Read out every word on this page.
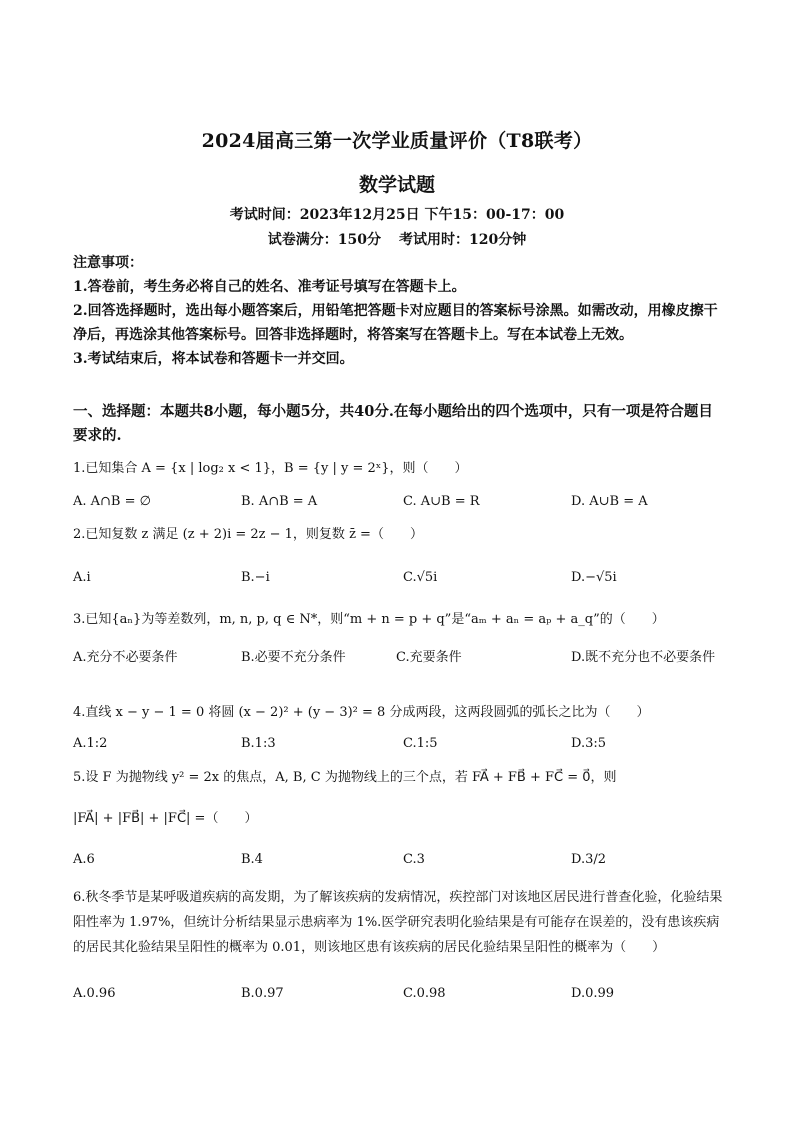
2024届高三第一次学业质量评价（T8联考）
数学试题
考试时间：2023年12月25日 下午15：00-17：00
试卷满分：150分 考试用时：120分钟

注意事项：

1.答卷前，考生务必将自己的姓名、准考证号填写在答题卡上。

2.回答选择题时，选出每小题答案后，用铅笔把答题卡对应题目的答案标号涂黑。如需改动，用橡皮擦干净后，再选涂其他答案标号。回答非选择题时，将答案写在答题卡上。写在本试卷上无效。

3.考试结束后，将本试卷和答题卡一并交回。

一、选择题：本题共8小题，每小题5分，共40分.在每小题给出的四个选项中，只有一项是符合题目要求的.
1.已知集合 A = {x | log₂ x < 1}，B = {y | y = 2ˣ}，则（　　）
A. A∩B = ∅	B. A∩B = A	C. A∪B = R	D. A∪B = A
2.已知复数 z 满足 (z + 2)i = 2z − 1，则复数 z̄ =（　　）
A.i	B.−i	C.√5i	D.−√5i
3.已知{aₙ}为等差数列，m, n, p, q ∈ N*，则“m + n = p + q”是“aₘ + aₙ = aₚ + a_q”的（　　）
A.充分不必要条件	B.必要不充分条件	C.充要条件	D.既不充分也不必要条件
4.直线 x − y − 1 = 0 将圆 (x − 2)² + (y − 3)² = 8 分成两段，这两段圆弧的弧长之比为（　　）
A.1:2	B.1:3	C.1:5	D.3:5
5.设 F 为抛物线 y² = 2x 的焦点，A, B, C 为抛物线上的三个点，若 FA⃗ + FB⃗ + FC⃗ = 0⃗，则
|FA⃗| + |FB⃗| + |FC⃗| =（　　）
A.6	B.4	C.3	D.3/2
6.秋冬季节是某呼吸道疾病的高发期，为了解该疾病的发病情况，疾控部门对该地区居民进行普查化验，化验结果阳性率为 1.97%，但统计分析结果显示患病率为 1%.医学研究表明化验结果是有可能存在误差的，没有患该疾病的居民其化验结果呈阳性的概率为 0.01，则该地区患有该疾病的居民化验结果呈阳性的概率为（　　）
A.0.96	B.0.97	C.0.98	D.0.99
